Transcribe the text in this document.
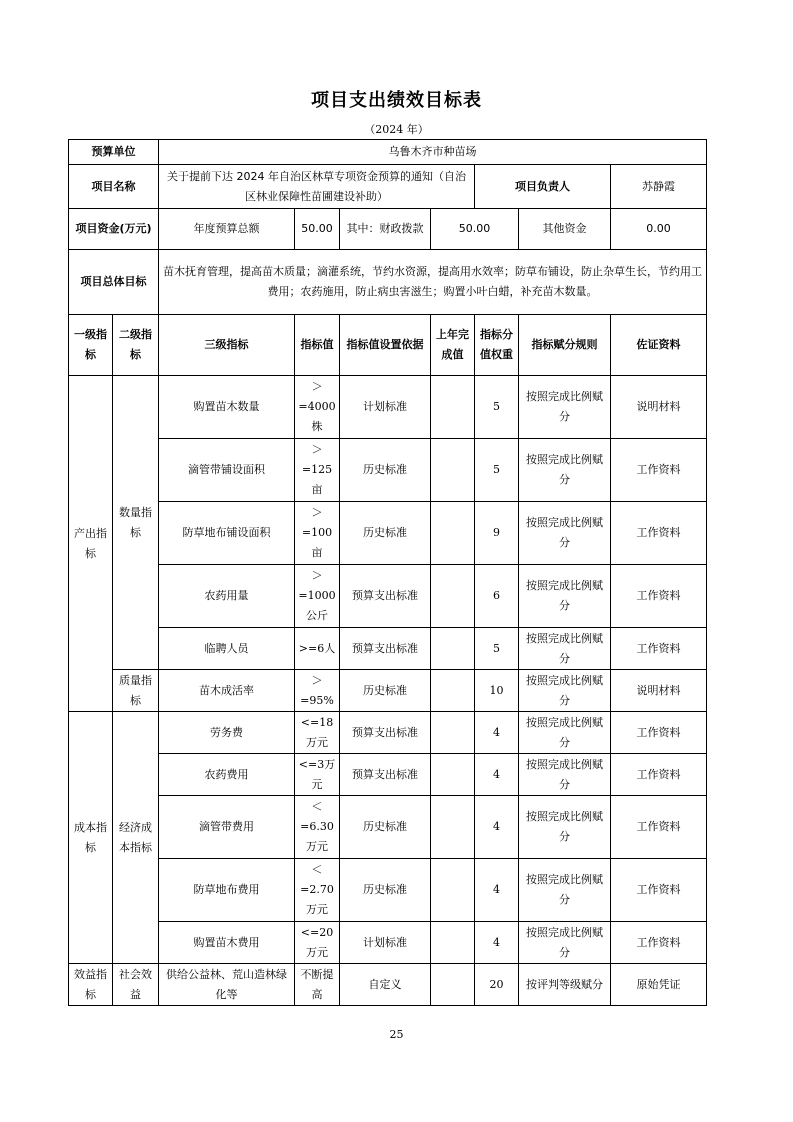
项目支出绩效目标表
（2024 年）
预算单位		乌鲁木齐市种苗场						
项目名称		关于提前下达 2024 年自治区林草专项资金预算的通知（自治区林业保障性苗圃建设补助）				项目负责人		苏静霞
项目资金(万元)		年度预算总额	50.00	其中：财政拨款	50.00		其他资金	0.00
项目总体目标		苗木抚育管理，提高苗木质量；滴灌系统，节约水资源，提高用水效率；防草布铺设，防止杂草生长，节约用工费用；农药施用，防止病虫害滋生；购置小叶白蜡，补充苗木数量。						
一级指标	二级指标	三级指标	指标值	指标值设置依据	上年完成值	指标分值权重	指标赋分规则	佐证资料
产出指标	数量指标	购置苗木数量	＞=4000株	计划标准		5	按照完成比例赋分	说明材料
		滴管带铺设面积	＞=125亩	历史标准		5	按照完成比例赋分	工作资料
		防草地布铺设面积	＞=100亩	历史标准		9	按照完成比例赋分	工作资料
		农药用量	＞=1000公斤	预算支出标准		6	按照完成比例赋分	工作资料
		临聘人员	>=6人	预算支出标准		5	按照完成比例赋分	工作资料
	质量指标	苗木成活率	＞=95%	历史标准		10	按照完成比例赋分	说明材料
成本指标	经济成本指标	劳务费	<=18万元	预算支出标准		4	按照完成比例赋分	工作资料
		农药费用	<=3万元	预算支出标准		4	按照完成比例赋分	工作资料
		滴管带费用	＜=6.30万元	历史标准		4	按照完成比例赋分	工作资料
		防草地布费用	＜=2.70万元	历史标准		4	按照完成比例赋分	工作资料
		购置苗木费用	<=20万元	计划标准		4	按照完成比例赋分	工作资料
效益指标	社会效益	供给公益林、荒山造林绿化等	不断提高	自定义		20	按评判等级赋分	原始凭证
25
